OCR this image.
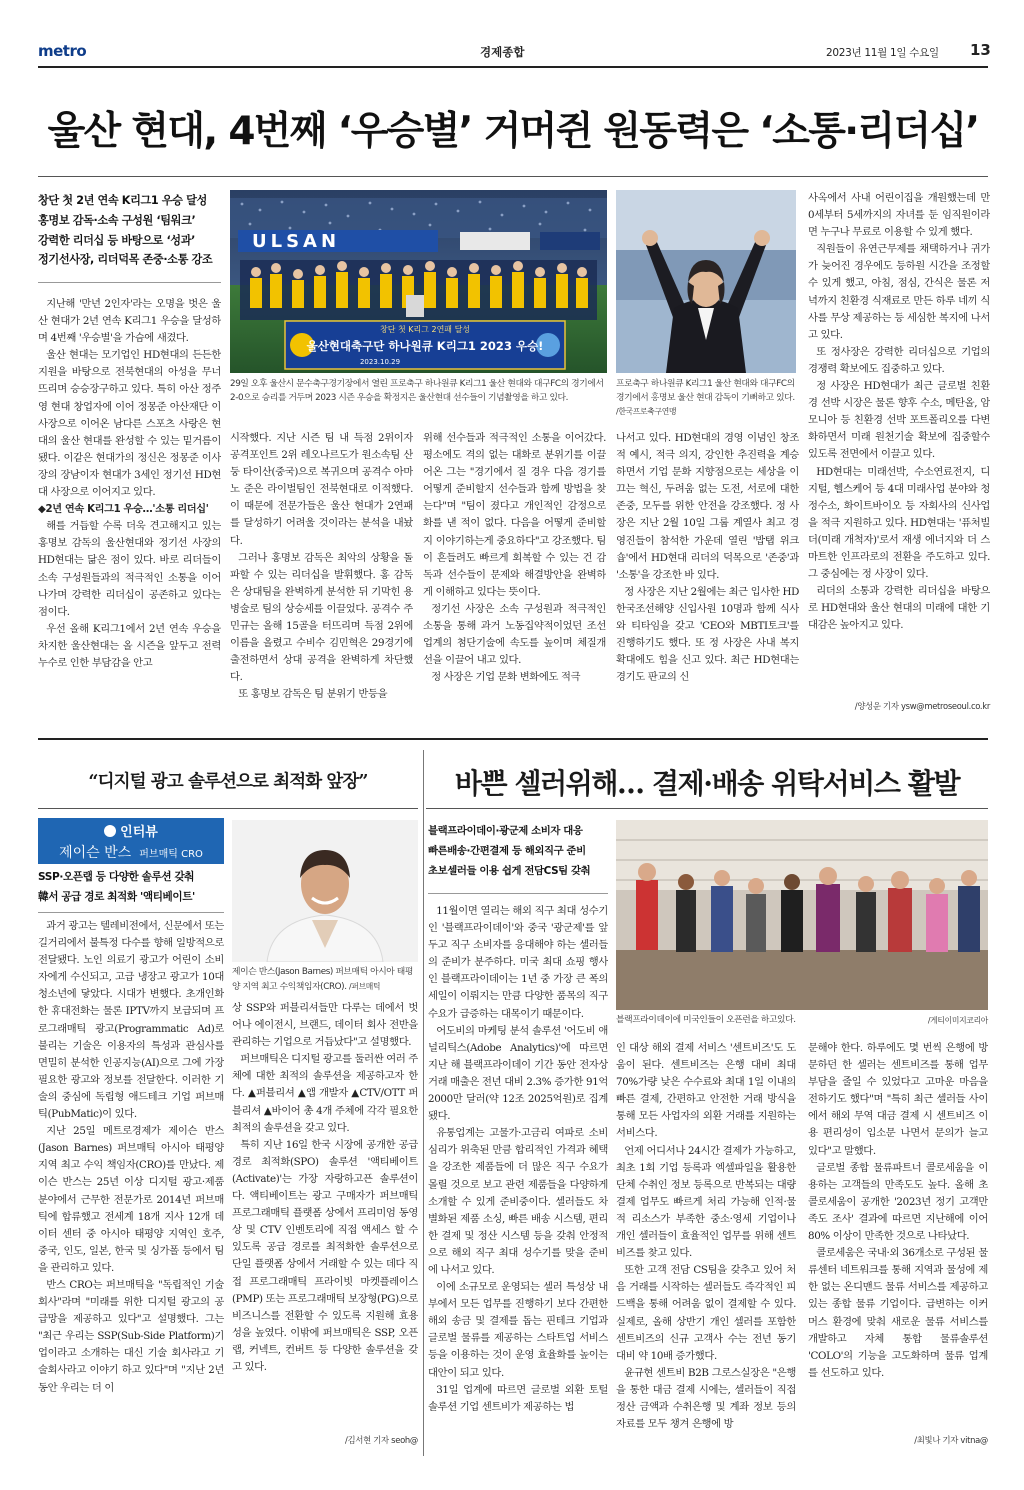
metro	경제종합	2023년 11월 1일 수요일 13
울산 현대, 4번째 ‘우승별’ 거머쥔 원동력은 ‘소통·리더십’
창단 첫 2년 연속 K리그1 우승 달성
홍명보 감독·소속 구성원 ‘팀워크’
강력한 리더십 등 바탕으로 ‘성과’
정기선사장, 리더덕목 존중·소통 강조

지난해 '만년 2인자'라는 오명을 벗은 울산 현대가 2년 연속 K리그1 우승을 달성하며 4번째 '우승별'을 가슴에 새겼다.

울산 현대는 모기업인 HD현대의 든든한 지원을 바탕으로 전북현대의 아성을 무너뜨리며 승승장구하고 있다. 특히 아산 정주영 현대 창업자에 이어 정몽준 아산재단 이사장으로 이어온 남다른 스포츠 사랑은 현대의 울산 현대를 완성할 수 있는 밑거름이 됐다. 이같은 현대가의 정신은 정몽준 이사장의 장남이자 현대가 3세인 정기선 HD현대 사장으로 이어지고 있다.

◆2년 연속 K리그1 우승…'소통 리더십'

해를 거듭할 수록 더욱 견고해지고 있는 홍명보 감독의 울산현대와 정기선 사장의 HD현대는 닮은 점이 있다. 바로 리더들이 소속 구성원들과의 적극적인 소통을 이어나가며 강력한 리더십이 공존하고 있다는 점이다.

우선 올해 K리그1에서 2년 연속 우승을 차지한 울산현대는 올 시즌을 앞두고 전력누수로 인한 부담감을 안고

ULSAN
창단 첫 K리그 2연패 달성
울산현대축구단 하나원큐 K리그1 2023 우승!
2023.10.29
29일 오후 울산시 문수축구경기장에서 열린 프로축구 하나원큐 K리그1 울산 현대와 대구FC의 경기에서 2-0으로 승리를 거두며 2023 시즌 우승을 확정지은 울산현대 선수들이 기념촬영을 하고 있다.
프로축구 하나원큐 K리그1 울산 현대와 대구FC의 경기에서 홍명보 울산 현대 감독이 기뻐하고 있다. /한국프로축구연맹

시작했다. 지난 시즌 팀 내 득점 2위이자 공격포인트 2위 레오나르도가 원소속팀 산둥 타이산(중국)으로 복귀으며 공격수 아마노 준은 라이벌팀인 전북현대로 이적했다. 이 때문에 전문가들은 울산 현대가 2연패를 달성하기 어려울 것이라는 분석을 내놨다.

그러나 홍명보 감독은 최악의 상황을 돌파할 수 있는 리더십을 발휘했다. 홍 감독은 상대팀을 완벽하게 분석한 뒤 기막힌 용병술로 팀의 상승세를 이끌었다. 공격수 주민규는 올해 15골을 터뜨리며 득점 2위에 이름을 올렸고 수비수 김민혁은 29경기에 출전하면서 상대 공격을 완벽하게 차단했다.

또 홍명보 감독은 팀 분위기 반등을

위해 선수들과 적극적인 소통을 이어갔다. 평소에도 격의 없는 대화로 분위기를 이끌어온 그는 "경기에서 질 경우 다음 경기를 어떻게 준비할지 선수들과 함께 방법을 찾는다"며 "팀이 졌다고 개인적인 감정으로 화를 낸 적이 없다. 다음을 어떻게 준비할지 이야기하는게 중요하다"고 강조했다. 팀이 흔들려도 빠르게 회복할 수 있는 건 감독과 선수들이 문제와 해결방안을 완벽하게 이해하고 있다는 뜻이다.

정기선 사장은 소속 구성원과 적극적인 소통을 통해 과거 노동집약적이었던 조선업계의 첨단기술에 속도를 높이며 체질개선을 이끌어 내고 있다.

정 사장은 기업 문화 변화에도 적극

나서고 있다. HD현대의 경영 이념인 창조적 예시, 적극 의지, 강인한 추진력을 계승하면서 기업 문화 지향점으로는 세상을 이끄는 혁신, 두려움 없는 도전, 서로에 대한 존중, 모두를 위한 안전을 강조했다. 정 사장은 지난 2월 10일 그룹 계열사 최고 경영진들이 참석한 가운데 열린 '밥탭 위크숍'에서 HD현대 리더의 덕목으로 '존중'과 '소통'을 강조한 바 있다.

정 사장은 지난 2월에는 최근 입사한 HD한국조선해양 신입사원 10명과 함께 식사와 티타임을 갖고 'CEO와 MBTI토크'를 진행하기도 했다. 또 정 사장은 사내 복지 확대에도 힘을 신고 있다. 최근 HD현대는 경기도 판교의 신

사옥에서 사내 어린이집을 개원했는데 만 0세부터 5세까지의 자녀를 둔 임직원이라면 누구나 무료로 이용할 수 있게 했다.

직원들이 유연근무제를 채택하거나 귀가가 늦어진 경우에도 등하원 시간을 조정할 수 있게 했고, 아침, 점심, 간식은 물론 저녁까지 친환경 식재료로 만든 하루 네끼 식사를 무상 제공하는 등 세심한 복지에 나서고 있다.

또 정사장은 강력한 리더십으로 기업의 경쟁력 확보에도 집중하고 있다.

정 사장은 HD현대가 최근 글로벌 친환경 선박 시장은 물론 향후 수소, 메탄올, 암모니아 등 친환경 선박 포트폴리오를 다변화하면서 미래 원천기술 확보에 집중할수 있도록 전면에서 이끌고 있다.

HD현대는 미래선박, 수소연료전지, 디지털, 헬스케어 등 4대 미래사업 분야와 청정수소, 화이트바이오 등 자회사의 신사업을 적극 지원하고 있다. HD현대는 '퓨처빌더(미래 개척자)'로서 재생 에너지와 더 스마트한 인프라로의 전환을 주도하고 있다. 그 중심에는 정 사장이 있다.

리더의 소통과 강력한 리더십을 바탕으로 HD현대와 울산 현대의 미래에 대한 기대감은 높아지고 있다.

/양성운 기자 ysw@metroseoul.co.kr
“디지털 광고 솔루션으로 최적화 앞장”
인터뷰
제이슨 반스 퍼브매틱 CRO
SSP·오픈랩 등 다양한 솔루션 갖춰
韓서 공급 경로 최적화 '액티베이트'
제이슨 반스(Jason Barnes) 퍼브매틱 아시아 태평양 지역 최고 수익책임자(CRO). /퍼브매틱

과거 광고는 텔레비전에서, 신문에서 또는 길거리에서 불특정 다수를 향해 일방적으로 전달됐다. 노인 의료기 광고가 어린이 소비자에게 수신되고, 고급 냉장고 광고가 10대 청소년에 닿았다. 시대가 변했다. 초개인화 한 휴대전화는 물론 IPTV까지 보급되며 프로그래매틱 광고(Programmatic Ad)로 불리는 기술은 이용자의 특성과 관심사를 면밀히 분석한 인공지능(AI)으로 그에 가장 필요한 광고와 정보를 전달한다. 이러한 기술의 중심에 독립형 애드테크 기업 퍼브매틱(PubMatic)이 있다.

지난 25일 메트로경제가 제이슨 반스(Jason Barnes) 퍼브매틱 아시아 태평양 지역 최고 수익 책임자(CRO)를 만났다. 제이슨 반스는 25년 이상 디지털 광고·제품 분야에서 근무한 전문가로 2014년 퍼브매틱에 합류했고 전세계 18개 지사 12개 데이터 센터 중 아시아 태평양 지역인 호주, 중국, 인도, 일본, 한국 및 싱가폴 등에서 팀을 관리하고 있다.

반스 CRO는 퍼브매틱을 "독립적인 기술 회사"라며 "미래를 위한 디지털 광고의 공급망을 제공하고 있다"고 설명했다. 그는 "최근 우리는 SSP(Sub-Side Platform)기업이라고 소개하는 대신 기술 회사라고 기술회사라고 이야기 하고 있다"며 "지난 2년 동안 우리는 더 이

상 SSP와 퍼블리셔들만 다루는 데에서 벗어나 에이전시, 브랜드, 데이터 회사 전반을 관리하는 기업으로 거듭났다"고 설명했다.

퍼브매틱은 디지털 광고를 둘러싼 여러 주체에 대한 최적의 솔루션을 제공하고자 한다. ▲퍼블리셔 ▲앱 개발자 ▲CTV/OTT 퍼블리셔 ▲바이어 총 4개 주체에 각각 필요한 최적의 솔루션을 갖고 있다.

특히 지난 16일 한국 시장에 공개한 공급 경로 최적화(SPO) 솔루션 '액티베이트(Activate)'는 가장 자랑하고픈 솔루션이다. 액티베이트는 광고 구매자가 퍼브매틱 프로그래매틱 플랫폼 상에서 프리미엄 동영상 및 CTV 인벤토리에 직접 액세스 할 수 있도록 공급 경로를 최적화한 솔루션으로 단일 플랫폼 상에서 거래할 수 있는 데다 직접 프로그래매틱 프라이빗 마켓플레이스(PMP) 또는 프로그래매틱 보장형(PG)으로 비즈니스를 전환할 수 있도록 지원해 효용성을 높였다. 이밖에 퍼브매틱은 SSP, 오픈랩, 커넥트, 컨버트 등 다양한 솔루션을 갖고 있다.

/김서현 기자 seoh@
바쁜 셀러위해… 결제·배송 위탁서비스 활발
블랙프라이데이·광군제 소비자 대응
빠른배송·간편결제 등 해외직구 준비
초보셀러들 이용 쉽게 전담CS팀 갖춰
블랙프라이데이에 미국인들이 오픈런을 하고있다.	/게티이미지코리아

11월이면 열리는 해외 직구 최대 성수기인 '블랙프라이데이'와 중국 '광군제'를 앞두고 직구 소비자를 응대해야 하는 셀러들의 준비가 분주하다. 미국 최대 쇼핑 행사인 블랙프라이데이는 1년 중 가장 큰 폭의 세일이 이뤄지는 만큼 다양한 품목의 직구 수요가 급증하는 대목이기 때문이다.

어도비의 마케팅 분석 솔루션 '어도비 애널리틱스(Adobe Analytics)'에 따르면 지난 해 블랙프라이데이 기간 동안 전자상거래 매출은 전년 대비 2.3% 증가한 91억2000만 달러(약 12조 2025억원)로 집계됐다.

유통업계는 고물가·고금리 여파로 소비심리가 위축된 만큼 합리적인 가격과 혜택을 강조한 제품들에 더 많은 직구 수요가 몰릴 것으로 보고 관련 제품들을 다양하게 소개할 수 있게 준비중이다. 셀러들도 차별화된 제품 소싱, 빠른 배송 시스템, 편리한 결제 및 정산 시스템 등을 갖춰 안정적으로 해외 직구 최대 성수기를 맞을 준비에 나서고 있다.

이에 소규모로 운영되는 셀러 특성상 내부에서 모든 업무를 진행하기 보다 간편한 해외 송금 및 결제를 돕는 핀테크 기업과 글로벌 물류를 제공하는 스타트업 서비스 등을 이용하는 것이 운영 효율화를 높이는 대안이 되고 있다.

31일 업계에 따르면 글로벌 외환 토털 솔루션 기업 센트비가 제공하는 법

인 대상 해외 결제 서비스 '센트비즈'도 도움이 된다. 센트비즈는 은행 대비 최대 70%가량 낮은 수수료와 최대 1일 이내의 빠른 결제, 간편하고 안전한 거래 방식을 통해 모든 사업자의 외환 거래를 지원하는 서비스다.

언제 어디서나 24시간 결제가 가능하고, 최초 1회 기업 등록과 엑셀파일을 활용한 단체 수취인 정보 등록으로 반복되는 대량 결제 업무도 빠르게 처리 가능해 인적·물적 리소스가 부족한 중소·영세 기업이나 개인 셀러들이 효율적인 업무를 위해 센트비즈를 찾고 있다.

또한 고객 전담 CS팀을 갖추고 있어 처음 거래를 시작하는 셀러들도 즉각적인 피드백을 통해 어려움 없이 결제할 수 있다. 실제로, 올해 상반기 개인 셀러를 포함한 센트비즈의 신규 고객사 수는 전년 동기 대비 약 10배 증가했다.

윤규현 센트비 B2B 그로스실장은 "은행을 통한 대금 결제 시에는, 셀러들이 직접 정산 금액과 수취은행 및 계좌 정보 등의 자료를 모두 챙겨 은행에 방

문해야 한다. 하루에도 몇 번씩 은행에 방문하던 한 셀러는 센트비즈를 통해 업무 부담을 줄일 수 있었다고 고마운 마음을 전하기도 했다"며 "특히 최근 셀러들 사이에서 해외 무역 대금 결제 시 센트비즈 이용 편리성이 입소문 나면서 문의가 늘고 있다"고 말했다.

글로벌 종합 물류파트너 콜로세움을 이용하는 고객들의 만족도도 높다. 올해 초 콜로세움이 공개한 '2023년 정기 고객만족도 조사' 결과에 따르면 지난해에 이어 80% 이상이 만족한 것으로 나타났다.

콜로세움은 국내·외 36개소로 구성된 물류센터 네트워크를 통해 지역과 물성에 제한 없는 온디맨드 물류 서비스를 제공하고 있는 종합 물류 기업이다. 급변하는 이커머스 환경에 맞춰 새로운 물류 서비스를 개발하고 자체 통합 물류솔루션 'COLO'의 기능을 고도화하며 물류 업계를 선도하고 있다.

/최빛나 기자 vitna@
